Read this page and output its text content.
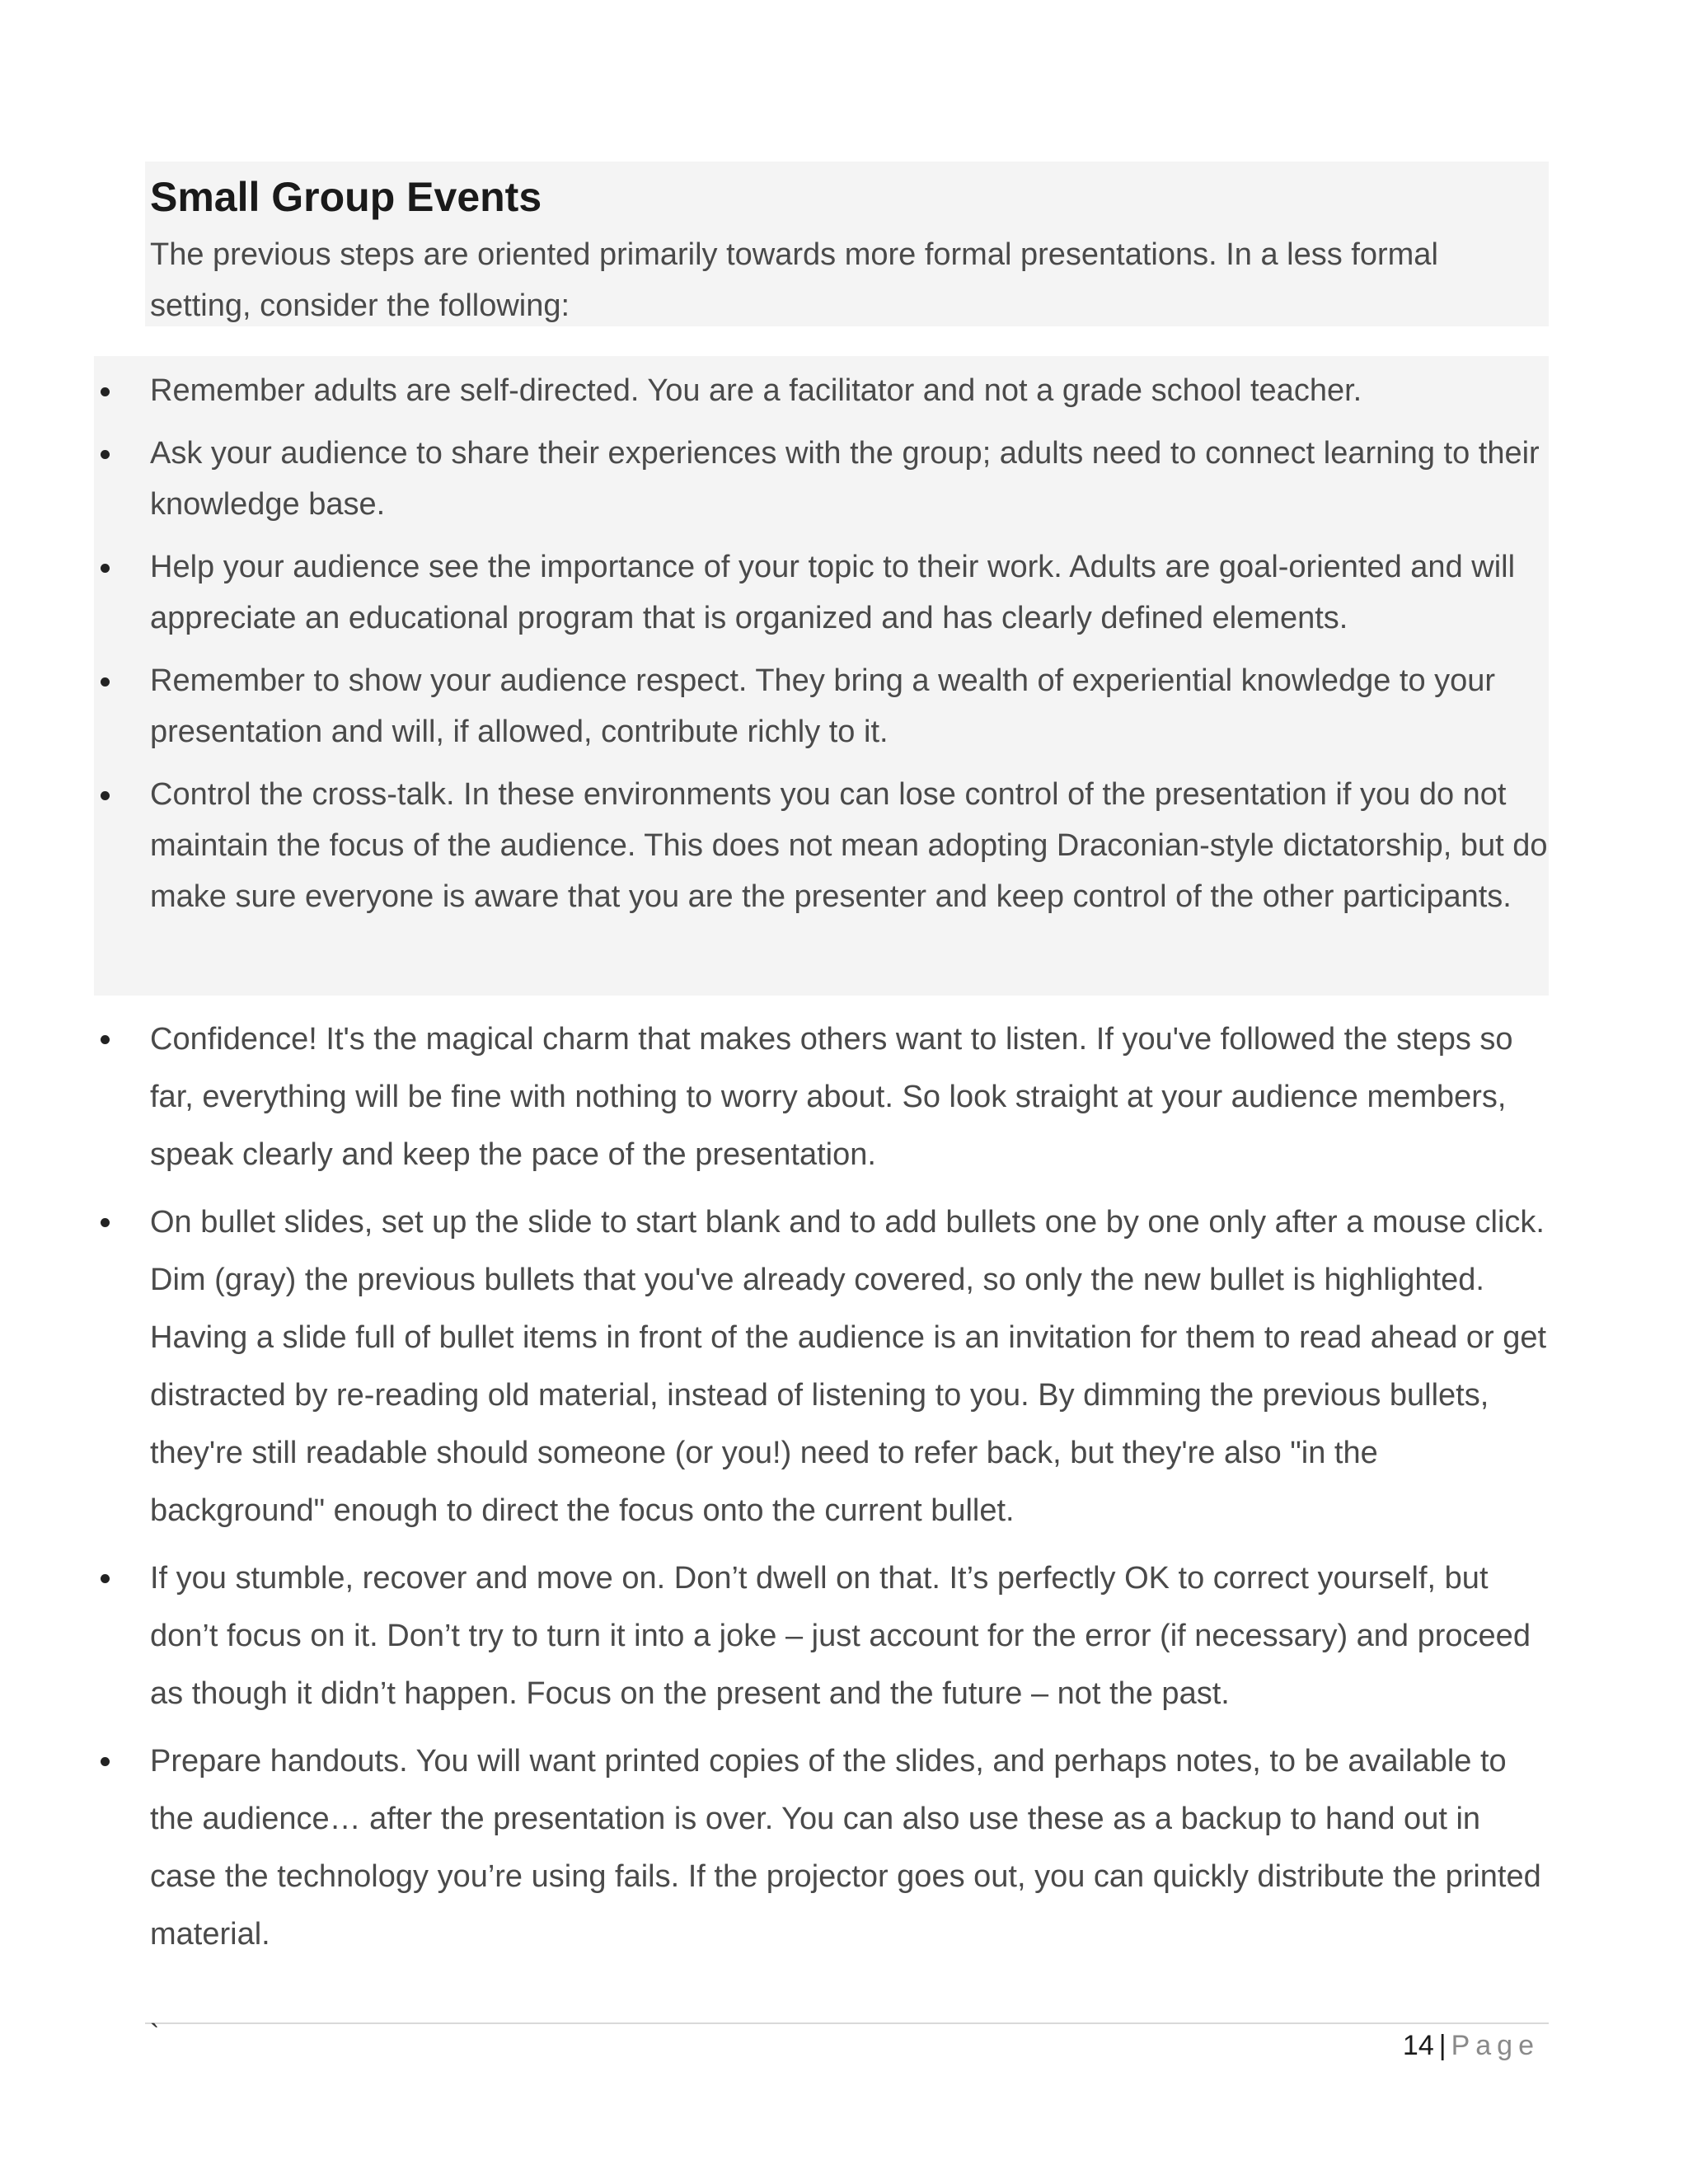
Small Group Events

The previous steps are oriented primarily towards more formal presentations. In a less formal setting, consider the following:

Remember adults are self-directed. You are a facilitator and not a grade school teacher.
Ask your audience to share their experiences with the group; adults need to connect learning to their knowledge base.
Help your audience see the importance of your topic to their work. Adults are goal-oriented and will appreciate an educational program that is organized and has clearly defined elements.
Remember to show your audience respect. They bring a wealth of experiential knowledge to your presentation and will, if allowed, contribute richly to it.
Control the cross-talk. In these environments you can lose control of the presentation if you do not maintain the focus of the audience. This does not mean adopting Draconian-style dictatorship, but do make sure everyone is aware that you are the presenter and keep control of the other participants.
Confidence! It's the magical charm that makes others want to listen. If you've followed the steps so far, everything will be fine with nothing to worry about. So look straight at your audience members, speak clearly and keep the pace of the presentation.
On bullet slides, set up the slide to start blank and to add bullets one by one only after a mouse click. Dim (gray) the previous bullets that you've already covered, so only the new bullet is highlighted. Having a slide full of bullet items in front of the audience is an invitation for them to read ahead or get distracted by re-reading old material, instead of listening to you. By dimming the previous bullets, they're still readable should someone (or you!) need to refer back, but they're also "in the background" enough to direct the focus onto the current bullet.
If you stumble, recover and move on. Don’t dwell on that. It’s perfectly OK to correct yourself, but don’t focus on it. Don’t try to turn it into a joke – just account for the error (if necessary) and proceed as though it didn’t happen. Focus on the present and the future – not the past.
Prepare handouts. You will want printed copies of the slides, and perhaps notes, to be available to the audience… after the presentation is over. You can also use these as a backup to hand out in case the technology you’re using fails. If the projector goes out, you can quickly distribute the printed material.
`	14 | Page
